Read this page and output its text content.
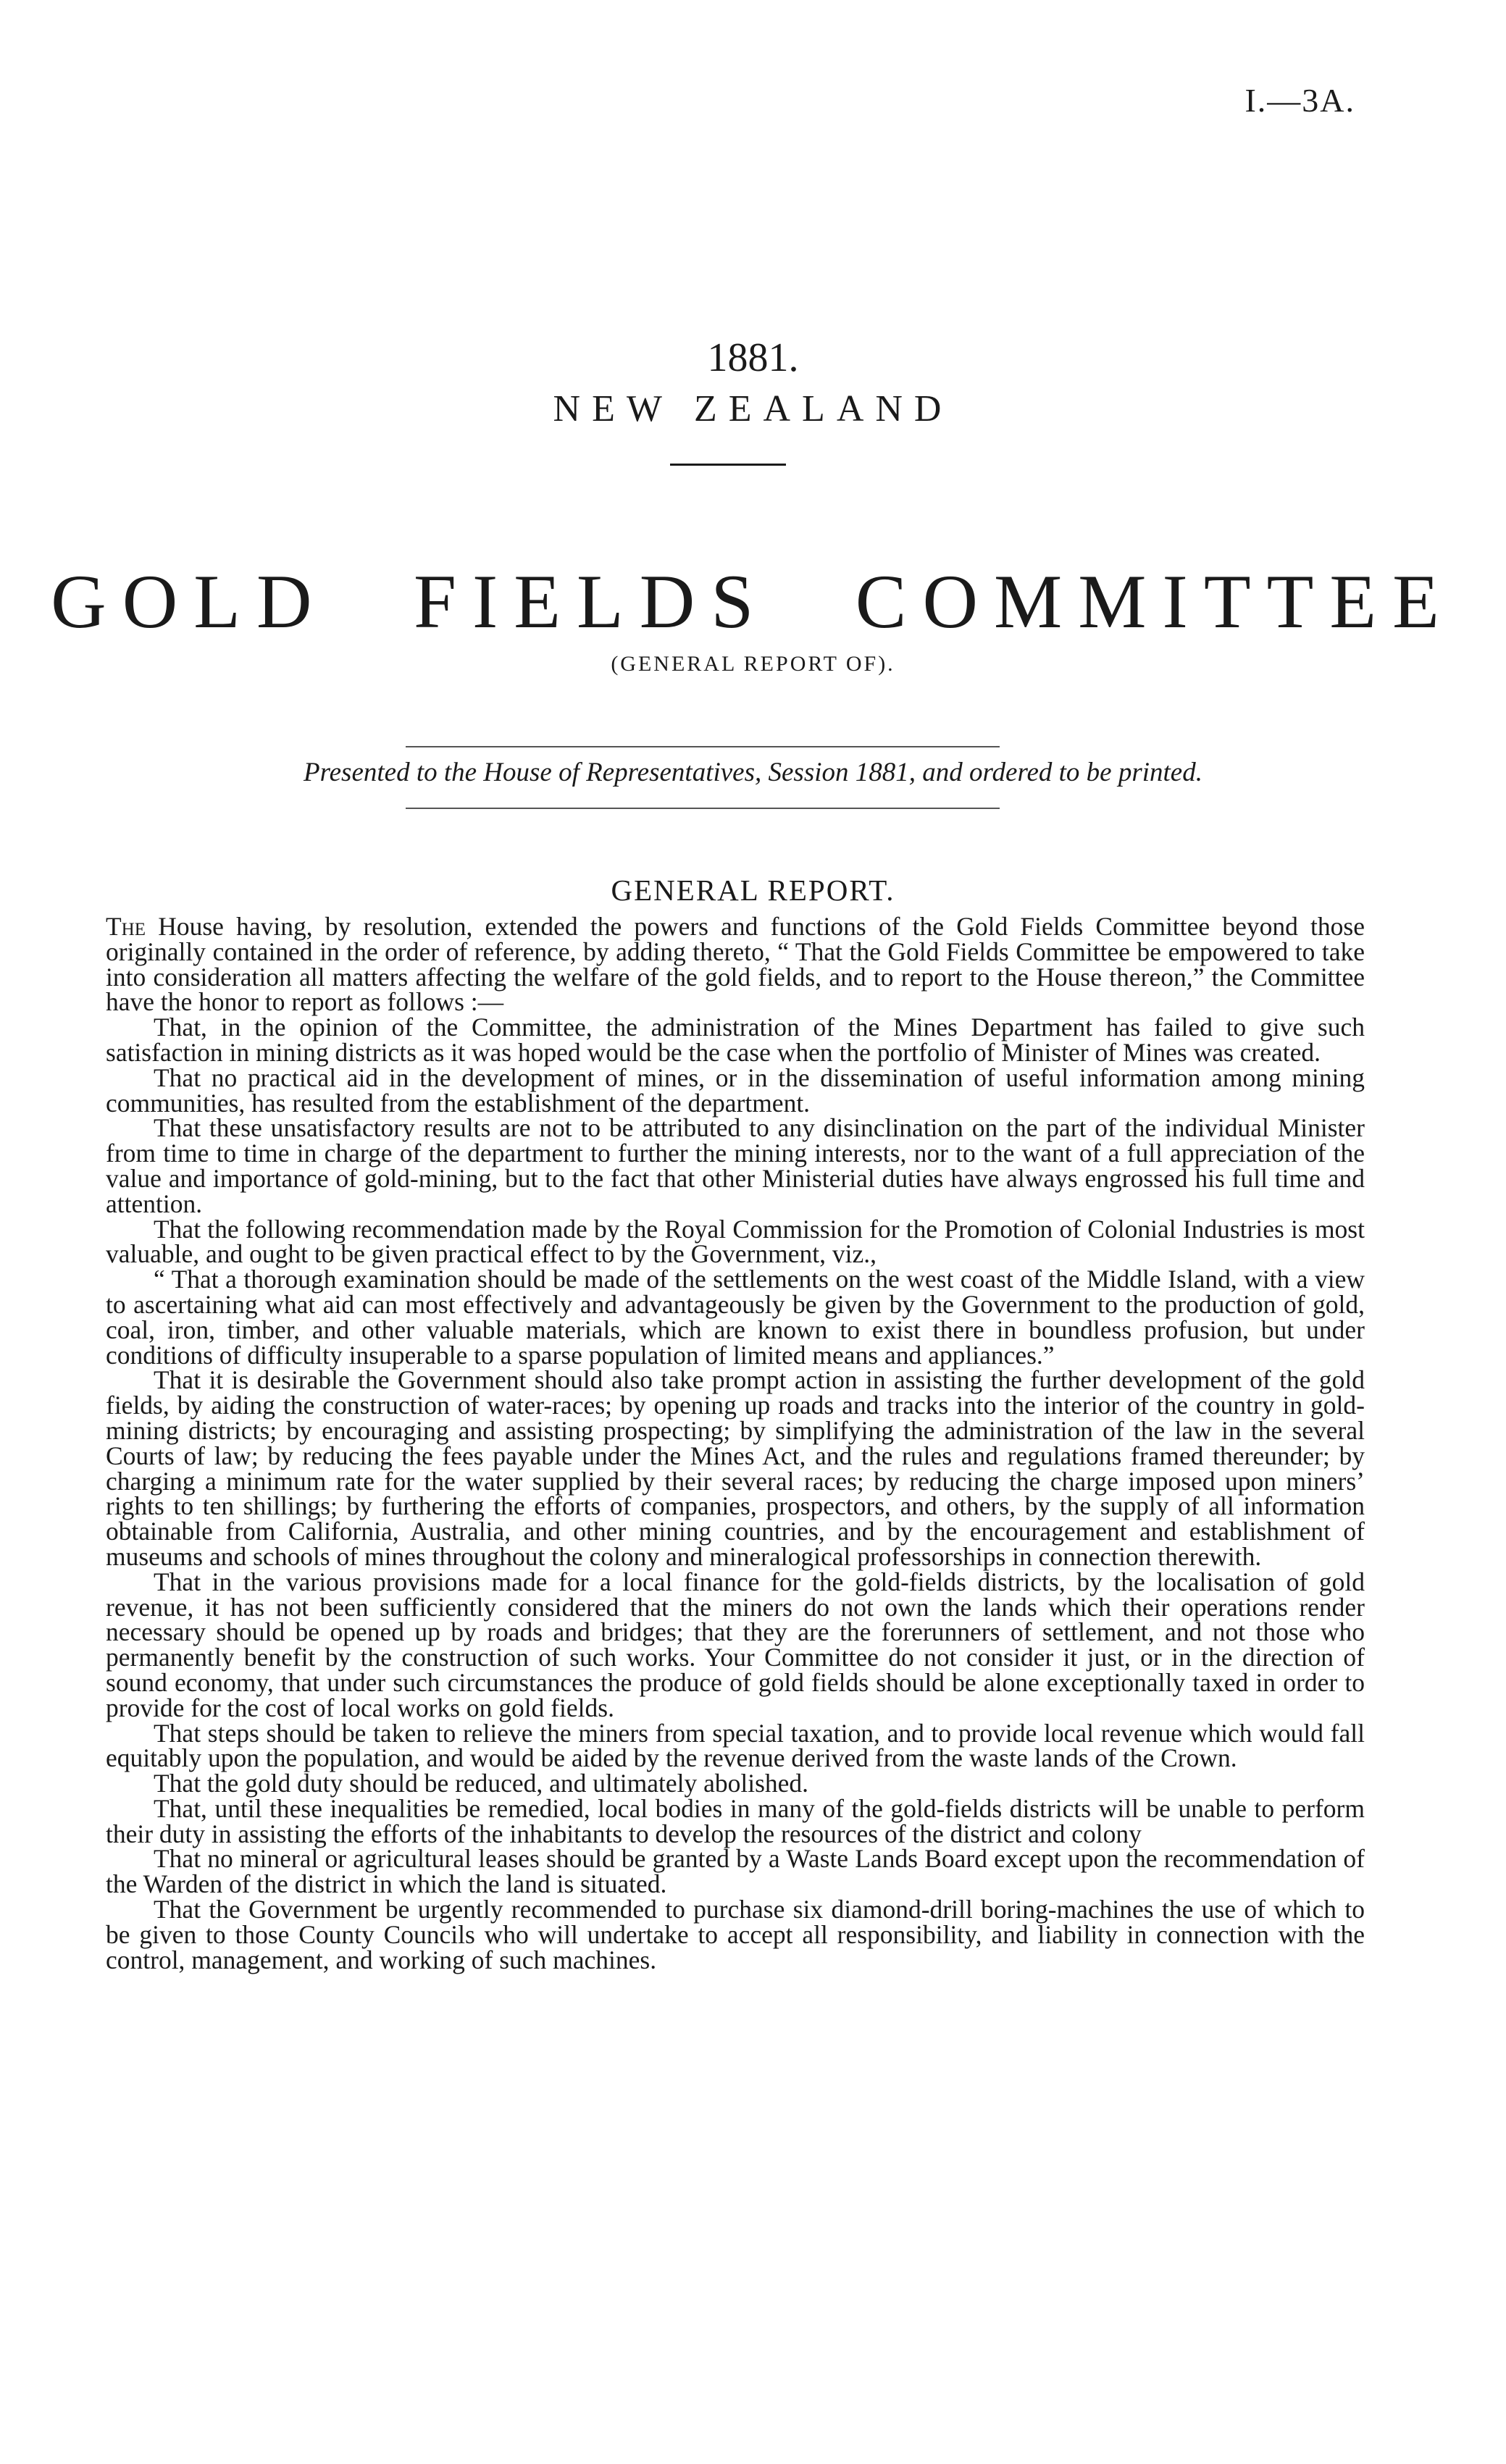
I.—3A.
1881.
NEW ZEALAND
GOLD FIELDS COMMITTEE
(GENERAL REPORT OF).
Presented to the House of Representatives, Session 1881, and ordered to be printed.
GENERAL REPORT.

The House having, by resolution, extended the powers and functions of the Gold Fields Committee beyond those originally contained in the order of reference, by adding thereto, “ That the Gold Fields Committee be empowered to take into consideration all matters affecting the welfare of the gold fields, and to report to the House thereon,” the Committee have the honor to report as follows :—

That, in the opinion of the Committee, the administration of the Mines Department has failed to give such satisfaction in mining districts as it was hoped would be the case when the portfolio of Minister of Mines was created.

That no practical aid in the development of mines, or in the dissemination of useful information among mining communities, has resulted from the establishment of the department.

That these unsatisfactory results are not to be attributed to any disinclination on the part of the individual Minister from time to time in charge of the department to further the mining interests, nor to the want of a full appreciation of the value and importance of gold-mining, but to the fact that other Ministerial duties have always engrossed his full time and attention.

That the following recommendation made by the Royal Commission for the Promotion of Colonial Industries is most valuable, and ought to be given practical effect to by the Government, viz.,

“ That a thorough examination should be made of the settlements on the west coast of the Middle Island, with a view to ascertaining what aid can most effectively and advantageously be given by the Government to the production of gold, coal, iron, timber, and other valuable materials, which are known to exist there in boundless profusion, but under conditions of difficulty insuperable to a sparse population of limited means and appliances.”

That it is desirable the Government should also take prompt action in assisting the further development of the gold fields, by aiding the construction of water-races; by opening up roads and tracks into the interior of the country in gold-mining districts; by encouraging and assisting prospecting; by simplifying the administration of the law in the several Courts of law; by reducing the fees payable under the Mines Act, and the rules and regulations framed thereunder; by charging a minimum rate for the water supplied by their several races; by reducing the charge imposed upon miners’ rights to ten shillings; by furthering the efforts of companies, prospectors, and others, by the supply of all information obtainable from California, Australia, and other mining countries, and by the encouragement and establishment of museums and schools of mines throughout the colony and mineralogical professorships in connection therewith.

That in the various provisions made for a local finance for the gold-fields districts, by the localisation of gold revenue, it has not been sufficiently considered that the miners do not own the lands which their operations render necessary should be opened up by roads and bridges; that they are the forerunners of settlement, and not those who permanently benefit by the construction of such works. Your Committee do not consider it just, or in the direction of sound economy, that under such circumstances the produce of gold fields should be alone exceptionally taxed in order to provide for the cost of local works on gold fields.

That steps should be taken to relieve the miners from special taxation, and to provide local revenue which would fall equitably upon the population, and would be aided by the revenue derived from the waste lands of the Crown.

That the gold duty should be reduced, and ultimately abolished.

That, until these inequalities be remedied, local bodies in many of the gold-fields districts will be unable to perform their duty in assisting the efforts of the inhabitants to develop the resources of the district and colony

That no mineral or agricultural leases should be granted by a Waste Lands Board except upon the recommendation of the Warden of the district in which the land is situated.

That the Government be urgently recommended to purchase six diamond-drill boring-machines the use of which to be given to those County Councils who will undertake to accept all responsibility, and liability in connection with the control, management, and working of such machines.
